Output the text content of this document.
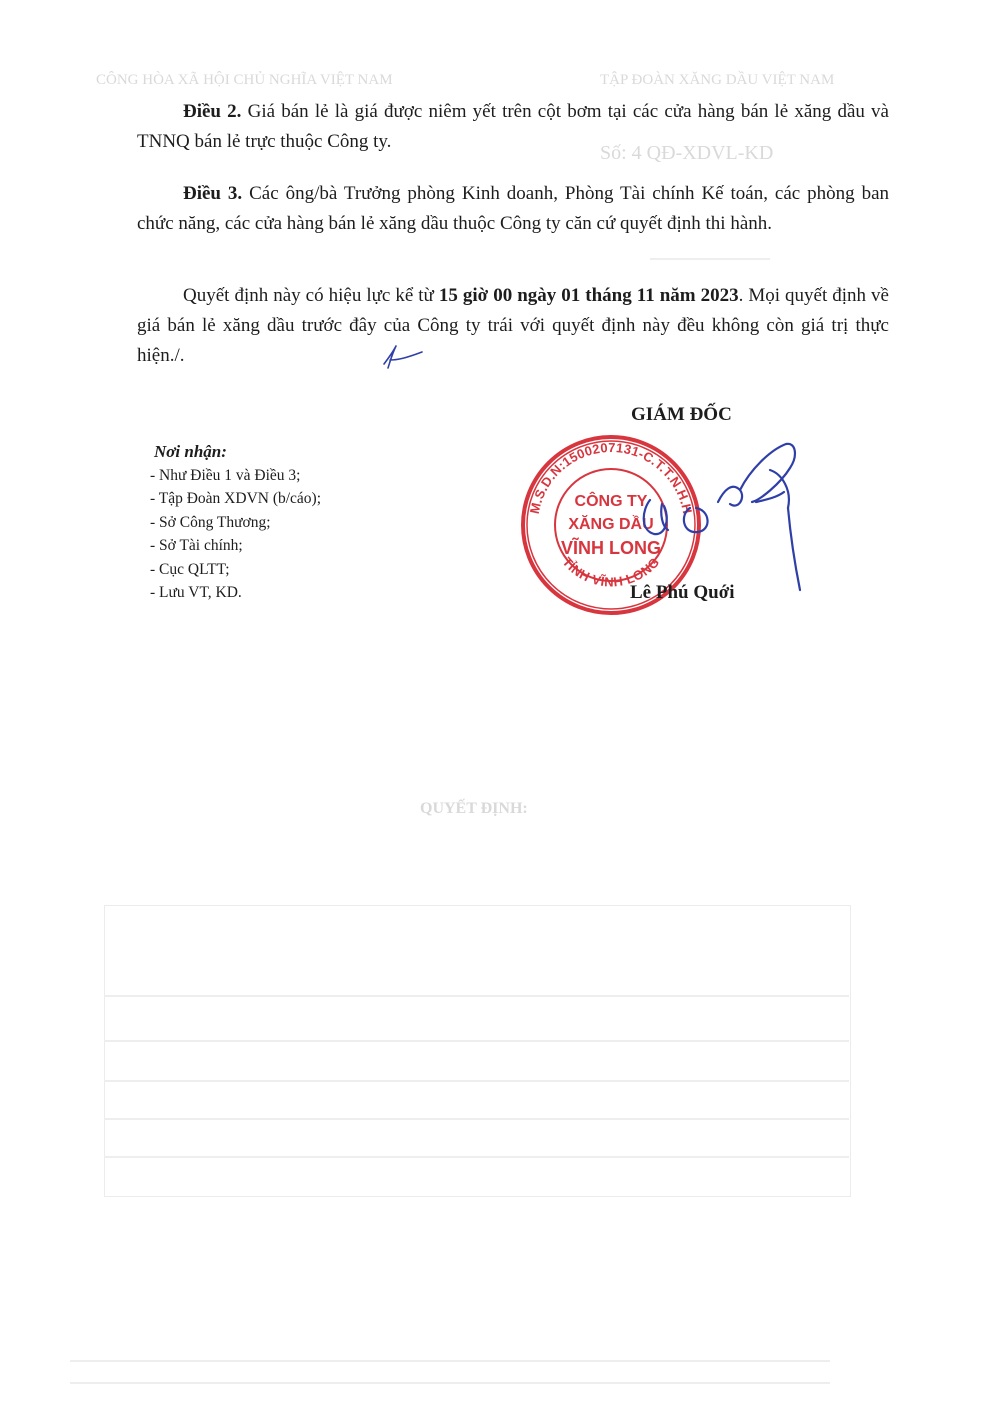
CÔNG HÒA XÃ HỘI CHỦ NGHĨA VIỆT NAM	TẬP ĐOÀN XĂNG DẦU VIỆT NAM
Số: 4 QĐ-XDVL-KD
QUYẾT ĐỊNH:

Điều 2. Giá bán lẻ là giá được niêm yết trên cột bơm tại các cửa hàng bán lẻ xăng dầu và TNNQ bán lẻ trực thuộc Công ty.

Điều 3. Các ông/bà Trưởng phòng Kinh doanh, Phòng Tài chính Kế toán, các phòng ban chức năng, các cửa hàng bán lẻ xăng dầu thuộc Công ty căn cứ quyết định thi hành.

Quyết định này có hiệu lực kể từ 15 giờ 00 ngày 01 tháng 11 năm 2023. Mọi quyết định về giá bán lẻ xăng dầu trước đây của Công ty trái với quyết định này đều không còn giá trị thực hiện./.

GIÁM ĐỐC
Nơi nhận:
- Như Điều 1 và Điều 3;
- Tập Đoàn XDVN (b/cáo);
- Sở Công Thương;
- Sở Tài chính;
- Cục QLTT;
- Lưu VT, KD.
M.S.D.N:1500207131-C.T.T.N.H.H
TỈNH VĨNH LONG
CÔNG TY
XĂNG DẦU
VĨNH LONG
Lê Phú Quới
